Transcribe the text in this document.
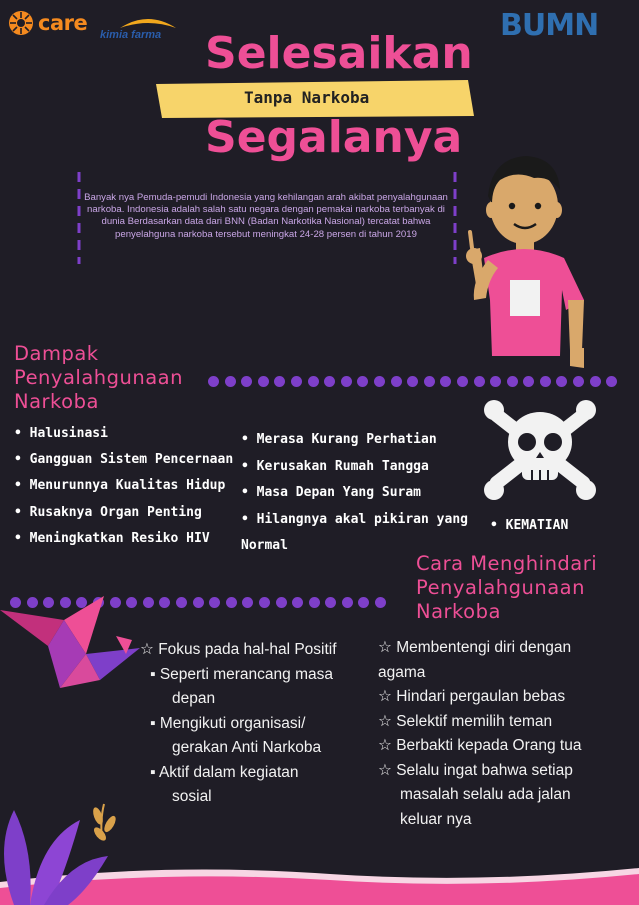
care kimia farma	BUMN
Selesaikan
Tanpa Narkoba
Segalanya
Banyak nya Pemuda-pemudi Indonesia yang kehilangan arah akibat penyalahgunaan narkoba. Indonesia adalah salah satu negara dengan pemakai narkoba terbanyak di dunia Berdasarkan data dari BNN (Badan Narkotika Nasional) tercatat bahwa penyelahguna narkoba tersebut meningkat 24-28 persen di tahun 2019
Dampak
Penyalahgunaan
Narkoba
• Halusinasi
• Gangguan Sistem Pencernaan
• Menurunnya Kualitas Hidup
• Rusaknya Organ Penting
• Meningkatkan Resiko HIV
• Merasa Kurang Perhatian
• Kerusakan Rumah Tangga
• Masa Depan Yang Suram
• Hilangnya akal pikiran yang
Normal
• KEMATIAN
Cara Menghindari
Penyalahgunaan
Narkoba
☆ Fokus pada hal-hal Positif
▪ Seperti merancang masa
depan
▪ Mengikuti organisasi/
gerakan Anti Narkoba
▪ Aktif dalam kegiatan
sosial
☆ Membentengi diri dengan
agama
☆ Hindari pergaulan bebas
☆ Selektif memilih teman
☆ Berbakti kepada Orang tua
☆ Selalu ingat bahwa setiap
masalah selalu ada jalan
keluar nya
